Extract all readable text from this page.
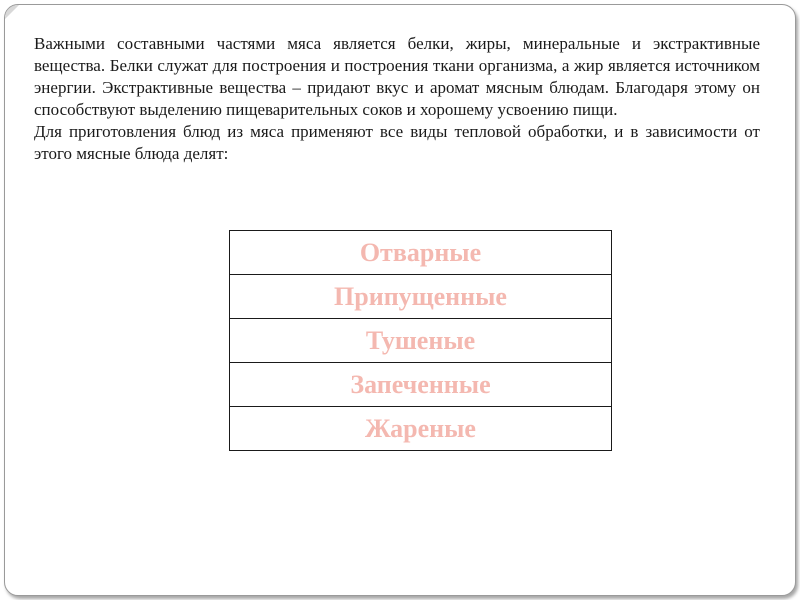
Важными составными частями мяса является белки, жиры, минеральные и экстрактивные вещества. Белки служат для построения и построения ткани организма, а жир является источником энергии. Экстрактивные вещества – придают вкус и аромат мясным блюдам. Благодаря этому он способствуют выделению пищеварительных соков и хорошему усвоению пищи.

Для приготовления блюд из мяса применяют все виды тепловой обработки, и в зависимости от этого мясные блюда делят:

Отварные
Припущенные
Тушеные
Запеченные
Жареные
